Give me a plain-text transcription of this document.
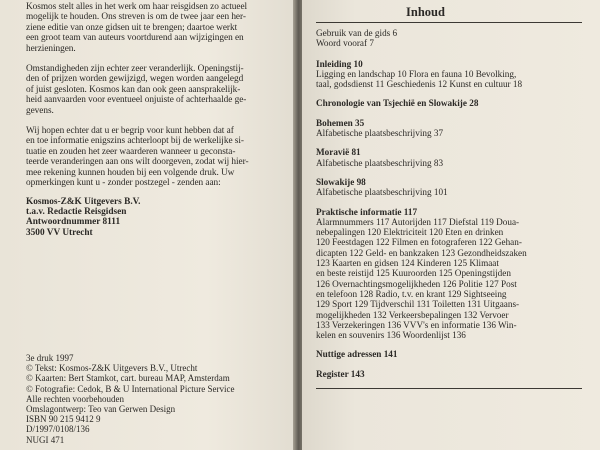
Kosmos stelt alles in het werk om haar reisgidsen zo actueel
mogelijk te houden. Ons streven is om de twee jaar een her-
ziene editie van onze gidsen uit te brengen; daartoe werkt
een groot team van auteurs voortdurend aan wijzigingen en
herzieningen.
Omstandigheden zijn echter zeer veranderlijk. Openingstij-
den of prijzen worden gewijzigd, wegen worden aangelegd
of juist gesloten. Kosmos kan dan ook geen aansprakelijk-
heid aanvaarden voor eventueel onjuiste of achterhaalde ge-
gevens.
Wij hopen echter dat u er begrip voor kunt hebben dat af
en toe informatie enigszins achterloopt bij de werkelijke si-
tuatie en zouden het zeer waarderen wanneer u geconsta-
teerde veranderingen aan ons wilt doorgeven, zodat wij hier-
mee rekening kunnen houden bij een volgende druk. Uw
opmerkingen kunt u - zonder postzegel - zenden aan:
Kosmos-Z&K Uitgevers B.V.
t.a.v. Redactie Reisgidsen
Antwoordnummer 8111
3500 VV Utrecht
3e druk 1997
© Tekst: Kosmos-Z&K Uitgevers B.V., Utrecht
© Kaarten: Bert Stamkot, cart. bureau MAP, Amsterdam
© Fotografie: Cedok, B & U International Picture Service
Alle rechten voorbehouden
Omslagontwerp: Teo van Gerwen Design
ISBN 90 215 9412 9
D/1997/0108/136
NUGI 471
Inhoud
Gebruik van de gids 6
Woord vooraf 7
Inleiding 10
Ligging en landschap 10 Flora en fauna 10 Bevolking,
taal, godsdienst 11 Geschiedenis 12 Kunst en cultuur 18
Chronologie van Tsjechië en Slowakije 28
Bohemen 35
Alfabetische plaatsbeschrijving 37
Moravië 81
Alfabetische plaatsbeschrijving 83
Slowakije 98
Alfabetische plaatsbeschrijving 101
Praktische informatie 117
Alarmnummers 117 Autorijden 117 Diefstal 119 Doua-
nebepalingen 120 Elektriciteit 120 Eten en drinken
120 Feestdagen 122 Filmen en fotograferen 122 Gehan-
dicapten 122 Geld- en bankzaken 123 Gezondheidszaken
123 Kaarten en gidsen 124 Kinderen 125 Klimaat
en beste reistijd 125 Kuuroorden 125 Openingstijden
126 Overnachtingsmogelijkheden 126 Politie 127 Post
en telefoon 128 Radio, t.v. en krant 129 Sightseeing
129 Sport 129 Tijdverschil 131 Toiletten 131 Uitgaans-
mogelijkheden 132 Verkeersbepalingen 132 Vervoer
133 Verzekeringen 136 VVV's en informatie 136 Win-
kelen en souvenirs 136 Woordenlijst 136
Nuttige adressen 141
Register 143
